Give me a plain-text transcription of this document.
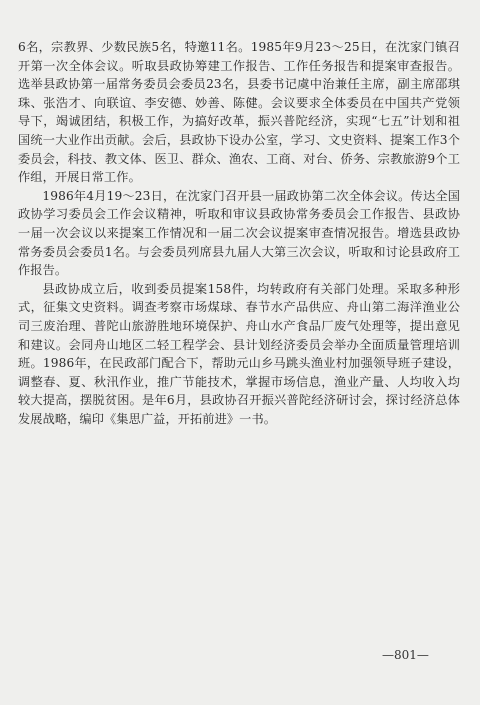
6名，宗教界、少数民族5名，特邀11名。1985年9月23～25日，在沈家门镇召开第一次全体会议。听取县政协筹建工作报告、工作任务报告和提案审查报告。选举县政协第一届常务委员会委员23名，县委书记虞中治兼任主席，副主席邵琪珠、张浩才、向联谊、李安德、妙善、陈健。会议要求全体委员在中国共产党领导下，竭诚团结，积极工作，为搞好改革，振兴普陀经济，实现“七五”计划和祖国统一大业作出贡献。会后，县政协下设办公室，学习、文史资料、提案工作3个委员会，科技、教文体、医卫、群众、渔农、工商、对台、侨务、宗教旅游9个工作组，开展日常工作。

1986年4月19～23日，在沈家门召开县一届政协第二次全体会议。传达全国政协学习委员会工作会议精神，听取和审议县政协常务委员会工作报告、县政协一届一次会议以来提案工作情况和一届二次会议提案审查情况报告。增选县政协常务委员会委员1名。与会委员列席县九届人大第三次会议，听取和讨论县政府工作报告。

县政协成立后，收到委员提案158件，均转政府有关部门处理。采取多种形式，征集文史资料。调查考察市场煤球、春节水产品供应、舟山第二海洋渔业公司三废治理、普陀山旅游胜地环境保护、舟山水产食品厂废气处理等，提出意见和建议。会同舟山地区二轻工程学会、县计划经济委员会举办全面质量管理培训班。1986年，在民政部门配合下，帮助元山乡马跳头渔业村加强领导班子建设，调整春、夏、秋汛作业，推广节能技术，掌握市场信息，渔业产量、人均收入均较大提高，摆脱贫困。是年6月，县政协召开振兴普陀经济研讨会，探讨经济总体发展战略，编印《集思广益，开拓前进》一书。

—801—
